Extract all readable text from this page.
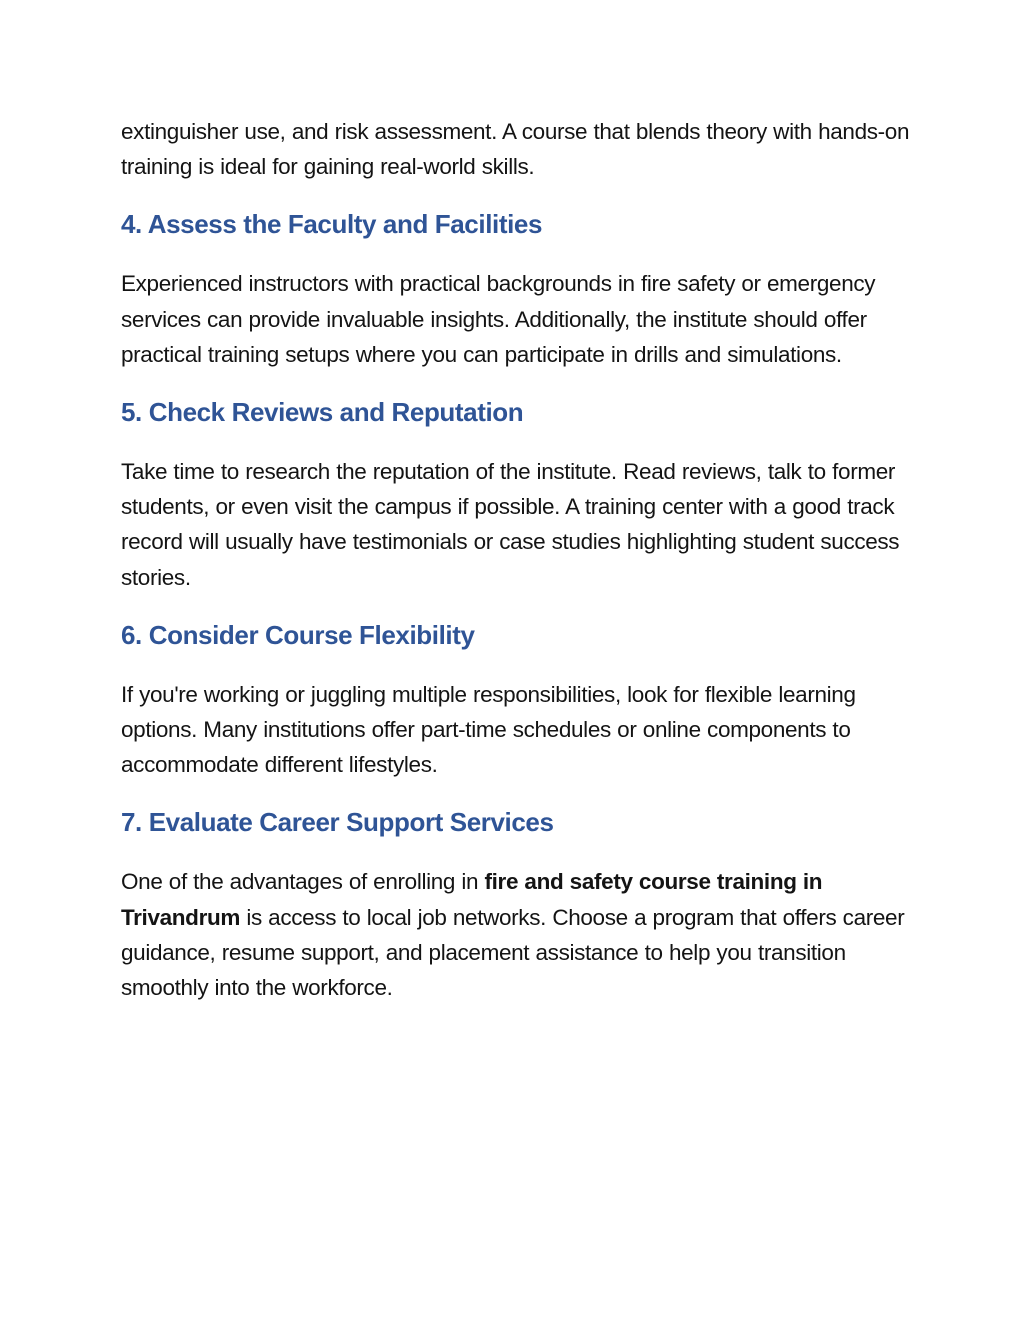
extinguisher use, and risk assessment. A course that blends theory with hands-on training is ideal for gaining real-world skills.

4. Assess the Faculty and Facilities

Experienced instructors with practical backgrounds in fire safety or emergency services can provide invaluable insights. Additionally, the institute should offer practical training setups where you can participate in drills and simulations.

5. Check Reviews and Reputation

Take time to research the reputation of the institute. Read reviews, talk to former students, or even visit the campus if possible. A training center with a good track record will usually have testimonials or case studies highlighting student success stories.

6. Consider Course Flexibility

If you're working or juggling multiple responsibilities, look for flexible learning options. Many institutions offer part-time schedules or online components to accommodate different lifestyles.

7. Evaluate Career Support Services

One of the advantages of enrolling in fire and safety course training in Trivandrum is access to local job networks. Choose a program that offers career guidance, resume support, and placement assistance to help you transition smoothly into the workforce.
